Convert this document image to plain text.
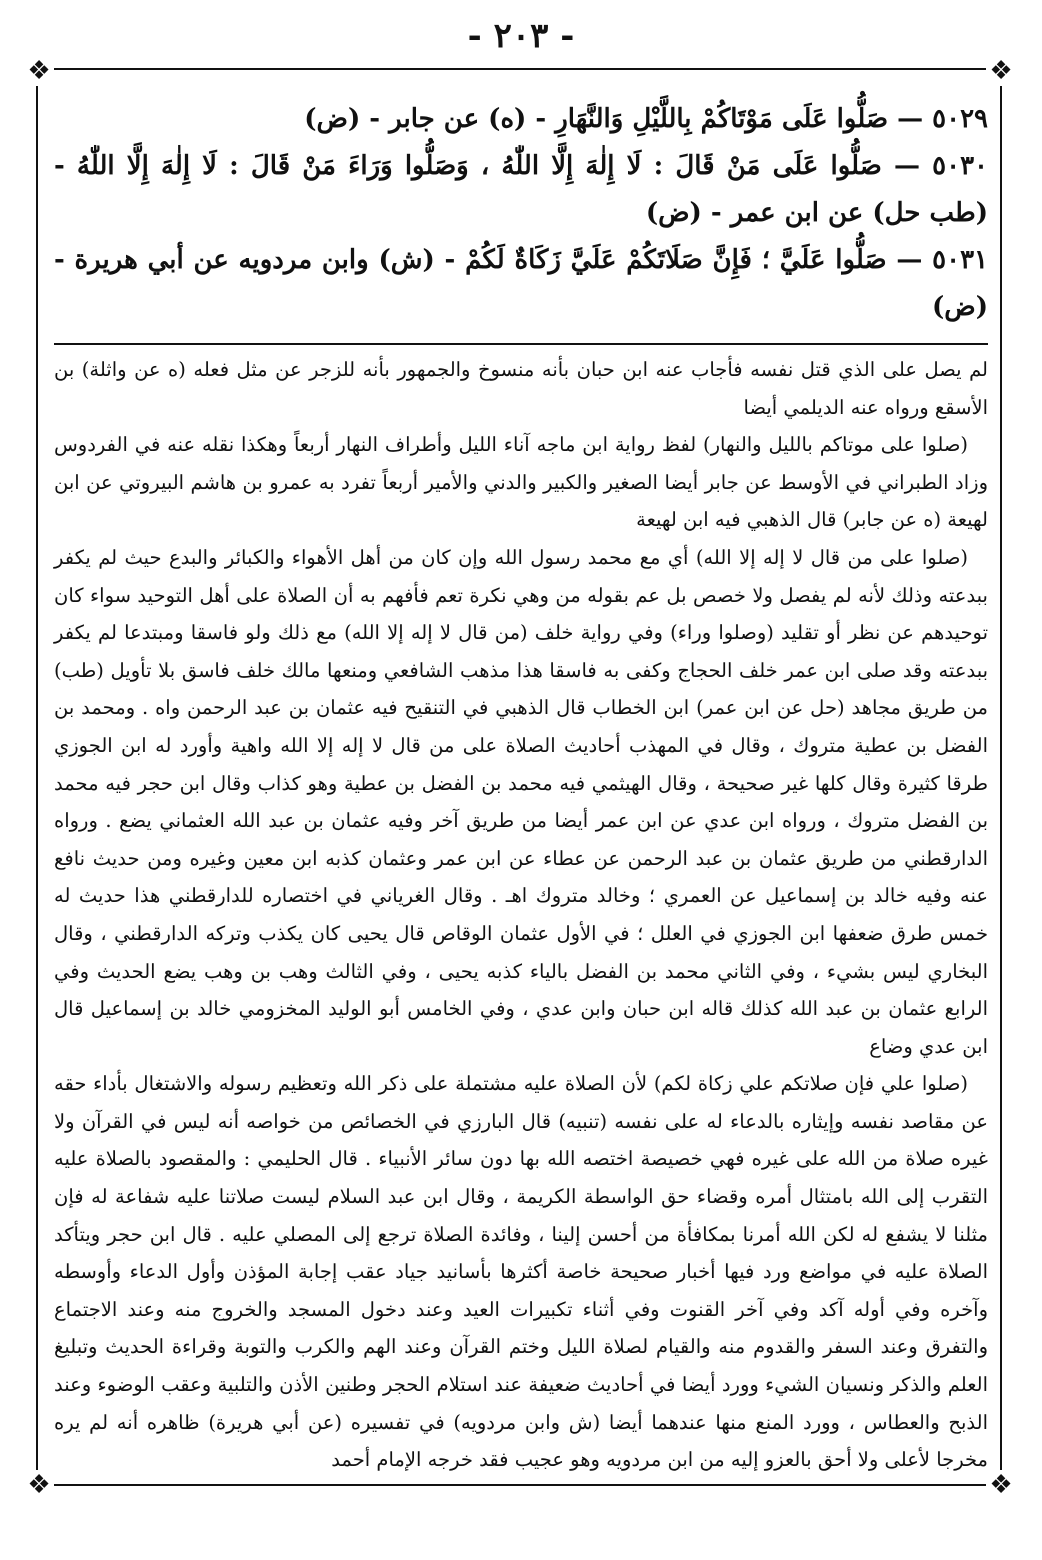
- ٢٠٣ -
❖	❖
❖	❖

٥٠٢٩ — صَلُّوا عَلَى مَوْتَاكُمْ بِاللَّيْلِ وَالنَّهَارِ - (ه) عن جابر - (ض)

٥٠٣٠ — صَلُّوا عَلَى مَنْ قَالَ : لَا إِلٰهَ إِلَّا اللّٰهُ ، وَصَلُّوا وَرَاءَ مَنْ قَالَ : لَا إِلٰهَ إِلَّا اللّٰهُ - (طب حل) عن ابن عمر - (ض)

٥٠٣١ — صَلُّوا عَلَيَّ ؛ فَإِنَّ صَلَاتَكُمْ عَلَيَّ زَكَاةٌ لَكُمْ - (ش) وابن مردويه عن أبي هريرة - (ض)

لم يصل على الذي قتل نفسه فأجاب عنه ابن حبان بأنه منسوخ والجمهور بأنه للزجر عن مثل فعله (ه عن واثلة) بن الأسقع ورواه عنه الديلمي أيضا

(صلوا على موتاكم بالليل والنهار) لفظ رواية ابن ماجه آناء الليل وأطراف النهار أربعاً وهكذا نقله عنه في الفردوس وزاد الطبراني في الأوسط عن جابر أيضا الصغير والكبير والدني والأمير أربعاً تفرد به عمرو بن هاشم البيروتي عن ابن لهيعة (ه عن جابر) قال الذهبي فيه ابن لهيعة

(صلوا على من قال لا إله إلا الله) أي مع محمد رسول الله وإن كان من أهل الأهواء والكبائر والبدع حيث لم يكفر ببدعته وذلك لأنه لم يفصل ولا خصص بل عم بقوله من وهي نكرة تعم فأفهم به أن الصلاة على أهل التوحيد سواء كان توحيدهم عن نظر أو تقليد (وصلوا وراء) وفي رواية خلف (من قال لا إله إلا الله) مع ذلك ولو فاسقا ومبتدعا لم يكفر ببدعته وقد صلى ابن عمر خلف الحجاج وكفى به فاسقا هذا مذهب الشافعي ومنعها مالك خلف فاسق بلا تأويل (طب) من طريق مجاهد (حل عن ابن عمر) ابن الخطاب قال الذهبي في التنقيح فيه عثمان بن عبد الرحمن واه . ومحمد بن الفضل بن عطية متروك ، وقال في المهذب أحاديث الصلاة على من قال لا إله إلا الله واهية وأورد له ابن الجوزي طرقا كثيرة وقال كلها غير صحيحة ، وقال الهيثمي فيه محمد بن الفضل بن عطية وهو كذاب وقال ابن حجر فيه محمد بن الفضل متروك ، ورواه ابن عدي عن ابن عمر أيضا من طريق آخر وفيه عثمان بن عبد الله العثماني يضع . ورواه الدارقطني من طريق عثمان بن عبد الرحمن عن عطاء عن ابن عمر وعثمان كذبه ابن معين وغيره ومن حديث نافع عنه وفيه خالد بن إسماعيل عن العمري ؛ وخالد متروك اهـ . وقال الغرياني في اختصاره للدارقطني هذا حديث له خمس طرق ضعفها ابن الجوزي في العلل ؛ في الأول عثمان الوقاص قال يحيى كان يكذب وتركه الدارقطني ، وقال البخاري ليس بشيء ، وفي الثاني محمد بن الفضل بالياء كذبه يحيى ، وفي الثالث وهب بن وهب يضع الحديث وفي الرابع عثمان بن عبد الله كذلك قاله ابن حبان وابن عدي ، وفي الخامس أبو الوليد المخزومي خالد بن إسماعيل قال ابن عدي وضاع

(صلوا علي فإن صلاتكم علي زكاة لكم) لأن الصلاة عليه مشتملة على ذكر الله وتعظيم رسوله والاشتغال بأداء حقه عن مقاصد نفسه وإيثاره بالدعاء له على نفسه (تنبيه) قال البارزي في الخصائص من خواصه أنه ليس في القرآن ولا غيره صلاة من الله على غيره فهي خصيصة اختصه الله بها دون سائر الأنبياء . قال الحليمي : والمقصود بالصلاة عليه التقرب إلى الله بامتثال أمره وقضاء حق الواسطة الكريمة ، وقال ابن عبد السلام ليست صلاتنا عليه شفاعة له فإن مثلنا لا يشفع له لكن الله أمرنا بمكافأة من أحسن إلينا ، وفائدة الصلاة ترجع إلى المصلي عليه . قال ابن حجر ويتأكد الصلاة عليه في مواضع ورد فيها أخبار صحيحة خاصة أكثرها بأسانيد جياد عقب إجابة المؤذن وأول الدعاء وأوسطه وآخره وفي أوله آكد وفي آخر القنوت وفي أثناء تكبيرات العيد وعند دخول المسجد والخروج منه وعند الاجتماع والتفرق وعند السفر والقدوم منه والقيام لصلاة الليل وختم القرآن وعند الهم والكرب والتوبة وقراءة الحديث وتبليغ العلم والذكر ونسيان الشيء وورد أيضا في أحاديث ضعيفة عند استلام الحجر وطنين الأذن والتلبية وعقب الوضوء وعند الذبح والعطاس ، وورد المنع منها عندهما أيضا (ش وابن مردويه) في تفسيره (عن أبي هريرة) ظاهره أنه لم يره مخرجا لأعلى ولا أحق بالعزو إليه من ابن مردويه وهو عجيب فقد خرجه الإمام أحمد
